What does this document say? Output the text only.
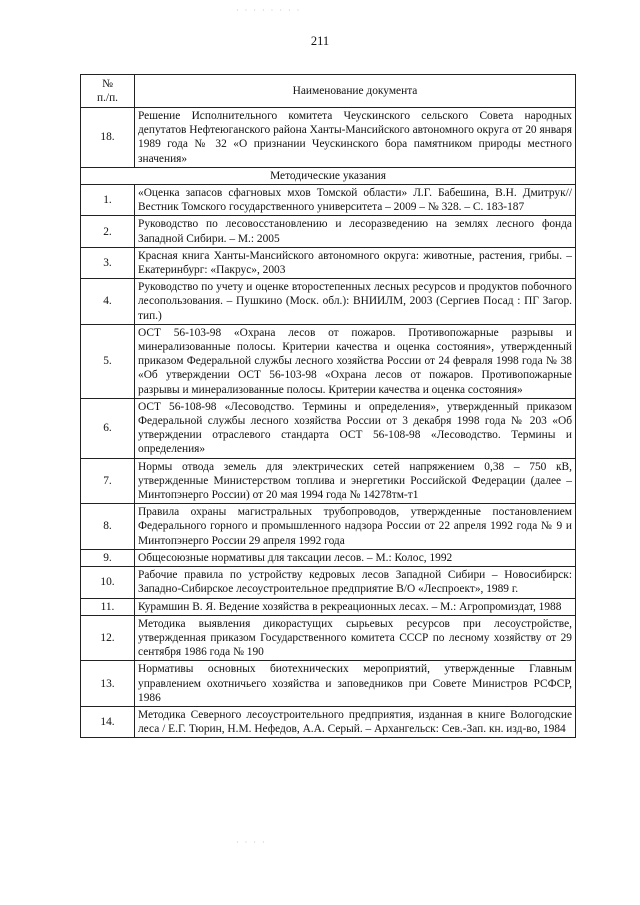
· · · · · · · ·
211
№
п./п.	Наименование документа
18.	Решение Исполнительного комитета Чеускинского сельского Совета народных депутатов Нефтеюганского района Ханты-Мансийского автономного округа от 20 января 1989 года № 32 «О признании Чеускинского бора памятником природы местного значения»
Методические указания	
1.	«Оценка запасов сфагновых мхов Томской области» Л.Г. Бабешина, В.Н. Дмитрук// Вестник Томского государственного университета – 2009 – № 328. – С. 183-187
2.	Руководство по лесовосстановлению и лесоразведению на землях лесного фонда Западной Сибири. – М.: 2005
3.	Красная книга Ханты-Мансийского автономного округа: животные, растения, грибы. – Екатеринбург: «Пакрус», 2003
4.	Руководство по учету и оценке второстепенных лесных ресурсов и продуктов побочного лесопользования. – Пушкино (Моск. обл.): ВНИИЛМ, 2003 (Сергиев Посад : ПГ Загор. тип.)
5.	ОСТ 56-103-98 «Охрана лесов от пожаров. Противопожарные разрывы и минерализованные полосы. Критерии качества и оценка состояния», утвержденный приказом Федеральной службы лесного хозяйства России от 24 февраля 1998 года № 38 «Об утверждении ОСТ 56-103-98 «Охрана лесов от пожаров. Противопожарные разрывы и минерализованные полосы. Критерии качества и оценка состояния»
6.	ОСТ 56-108-98 «Лесоводство. Термины и определения», утвержденный приказом Федеральной службы лесного хозяйства России от 3 декабря 1998 года № 203 «Об утверждении отраслевого стандарта ОСТ 56-108-98 «Лесоводство. Термины и определения»
7.	Нормы отвода земель для электрических сетей напряжением 0,38 – 750 кВ, утвержденные Министерством топлива и энергетики Российской Федерации (далее – Минтопэнерго России) от 20 мая 1994 года № 14278тм-т1
8.	Правила охраны магистральных трубопроводов, утвержденные постановлением Федерального горного и промышленного надзора России от 22 апреля 1992 года № 9 и Минтопэнерго России 29 апреля 1992 года
9.	Общесоюзные нормативы для таксации лесов. – М.: Колос, 1992
10.	Рабочие правила по устройству кедровых лесов Западной Сибири – Новосибирск: Западно-Сибирское лесоустроительное предприятие В/О «Леспроект», 1989 г.
11.	Курамшин В. Я. Ведение хозяйства в рекреационных лесах. – М.: Агропромиздат, 1988
12.	Методика выявления дикорастущих сырьевых ресурсов при лесоустройстве, утвержденная приказом Государственного комитета СССР по лесному хозяйству от 29 сентября 1986 года № 190
13.	Нормативы основных биотехнических мероприятий, утвержденные Главным управлением охотничьего хозяйства и заповедников при Совете Министров РСФСР, 1986
14.	Методика Северного лесоустроительного предприятия, изданная в книге Вологодские леса / Е.Г. Тюрин, Н.М. Нефедов, А.А. Серый. – Архангельск: Сев.-Зап. кн. изд-во, 1984
· · · ·
